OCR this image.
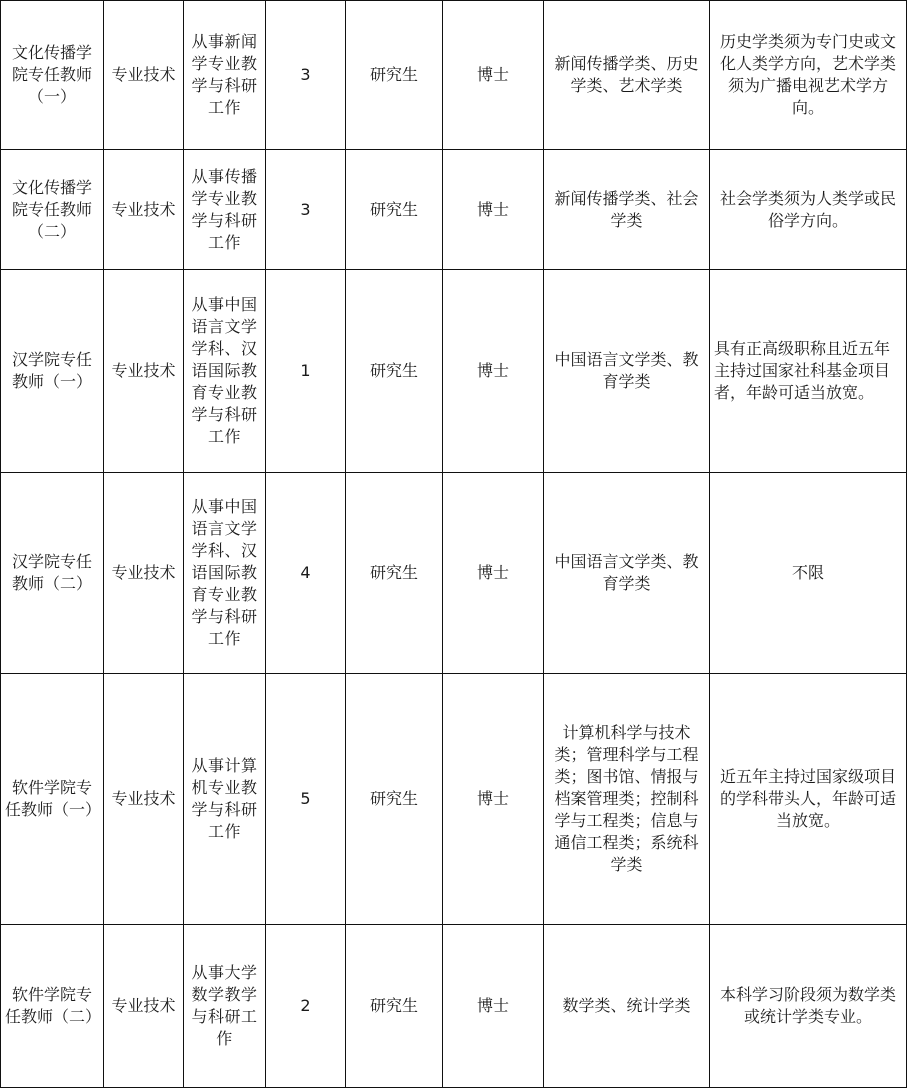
文化传播学院专任教师（一）	专业技术	从事新闻学专业教学与科研工作	3	研究生	博士	新闻传播学类、历史学类、艺术学类	历史学类须为专门史或文化人类学方向，艺术学类须为广播电视艺术学方向。
文化传播学院专任教师（二）	专业技术	从事传播学专业教学与科研工作	3	研究生	博士	新闻传播学类、社会学类	社会学类须为人类学或民俗学方向。
汉学院专任教师（一）	专业技术	从事中国语言文学学科、汉语国际教育专业教学与科研工作	1	研究生	博士	中国语言文学类、教育学类	具有正高级职称且近五年主持过国家社科基金项目者，年龄可适当放宽。
汉学院专任教师（二）	专业技术	从事中国语言文学学科、汉语国际教育专业教学与科研工作	4	研究生	博士	中国语言文学类、教育学类	不限
软件学院专任教师（一）	专业技术	从事计算机专业教学与科研工作	5	研究生	博士	计算机科学与技术类；管理科学与工程类；图书馆、情报与档案管理类；控制科学与工程类；信息与通信工程类；系统科学类	近五年主持过国家级项目的学科带头人，年龄可适当放宽。
软件学院专任教师（二）	专业技术	从事大学数学教学与科研工作	2	研究生	博士	数学类、统计学类	本科学习阶段须为数学类或统计学类专业。
